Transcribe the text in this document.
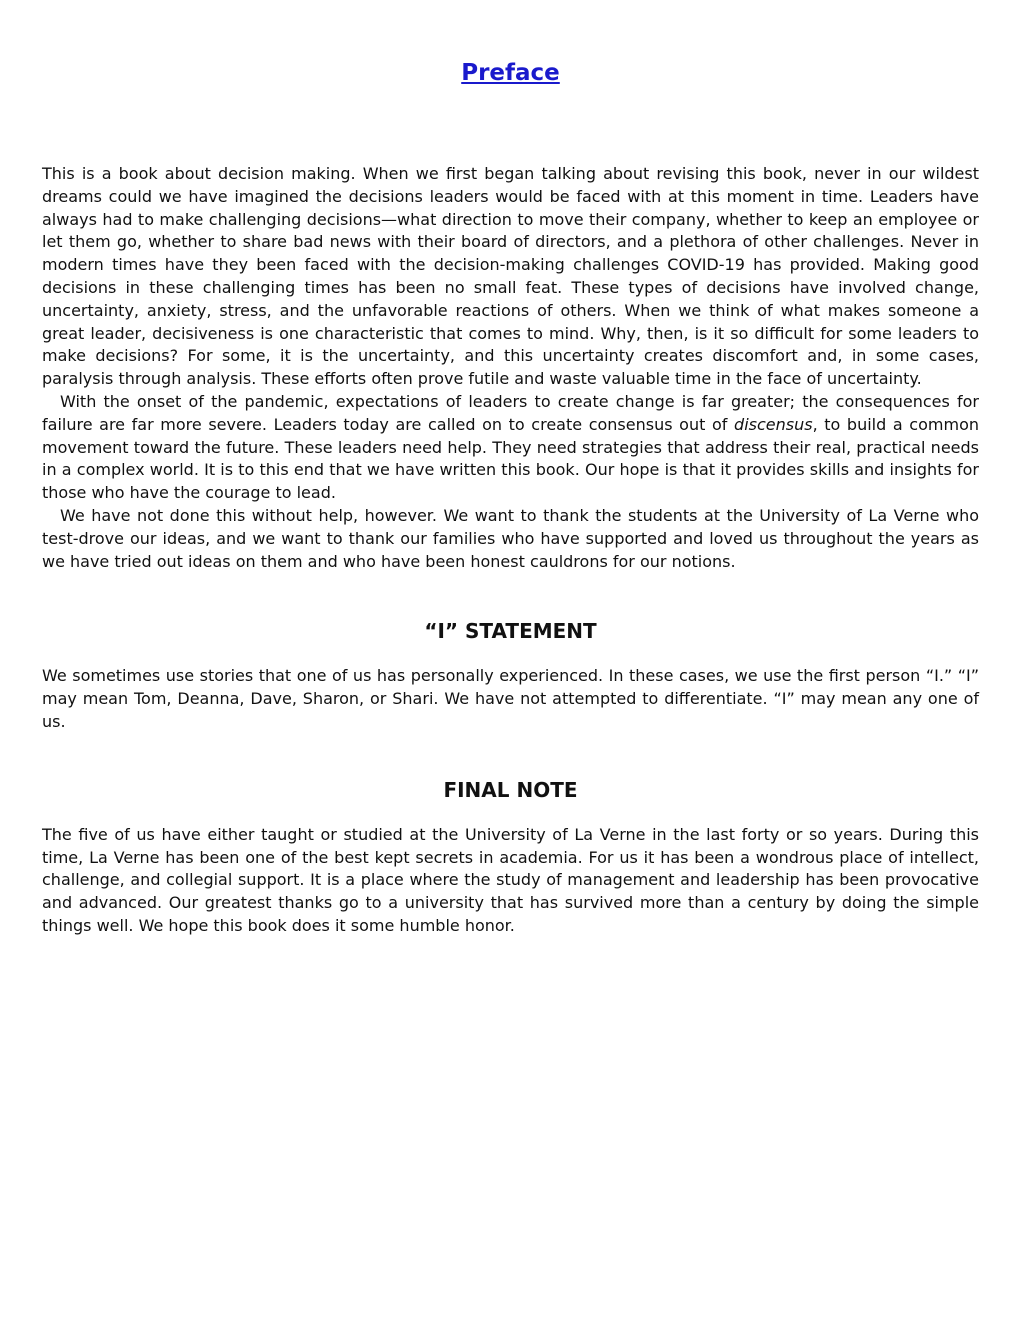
Preface

This is a book about decision making. When we first began talking about revising this book, never in our wildest dreams could we have imagined the decisions leaders would be faced with at this moment in time. Leaders have always had to make challenging decisions—what direction to move their company, whether to keep an employee or let them go, whether to share bad news with their board of directors, and a plethora of other challenges. Never in modern times have they been faced with the decision-making challenges COVID-19 has provided. Making good decisions in these challenging times has been no small feat. These types of decisions have involved change, uncertainty, anxiety, stress, and the unfavorable reactions of others. When we think of what makes someone a great leader, decisiveness is one characteristic that comes to mind. Why, then, is it so difficult for some leaders to make decisions? For some, it is the uncertainty, and this uncertainty creates discomfort and, in some cases, paralysis through analysis. These efforts often prove futile and waste valuable time in the face of uncertainty.

With the onset of the pandemic, expectations of leaders to create change is far greater; the consequences for failure are far more severe. Leaders today are called on to create consensus out of discensus, to build a common movement toward the future. These leaders need help. They need strategies that address their real, practical needs in a complex world. It is to this end that we have written this book. Our hope is that it provides skills and insights for those who have the courage to lead.

We have not done this without help, however. We want to thank the students at the University of La Verne who test-drove our ideas, and we want to thank our families who have supported and loved us throughout the years as we have tried out ideas on them and who have been honest cauldrons for our notions.

“I” STATEMENT

We sometimes use stories that one of us has personally experienced. In these cases, we use the first person “I.” “I” may mean Tom, Deanna, Dave, Sharon, or Shari. We have not attempted to differentiate. “I” may mean any one of us.

FINAL NOTE

The five of us have either taught or studied at the University of La Verne in the last forty or so years. During this time, La Verne has been one of the best kept secrets in academia. For us it has been a wondrous place of intellect, challenge, and collegial support. It is a place where the study of management and leadership has been provocative and advanced. Our greatest thanks go to a university that has survived more than a century by doing the simple things well. We hope this book does it some humble honor.
